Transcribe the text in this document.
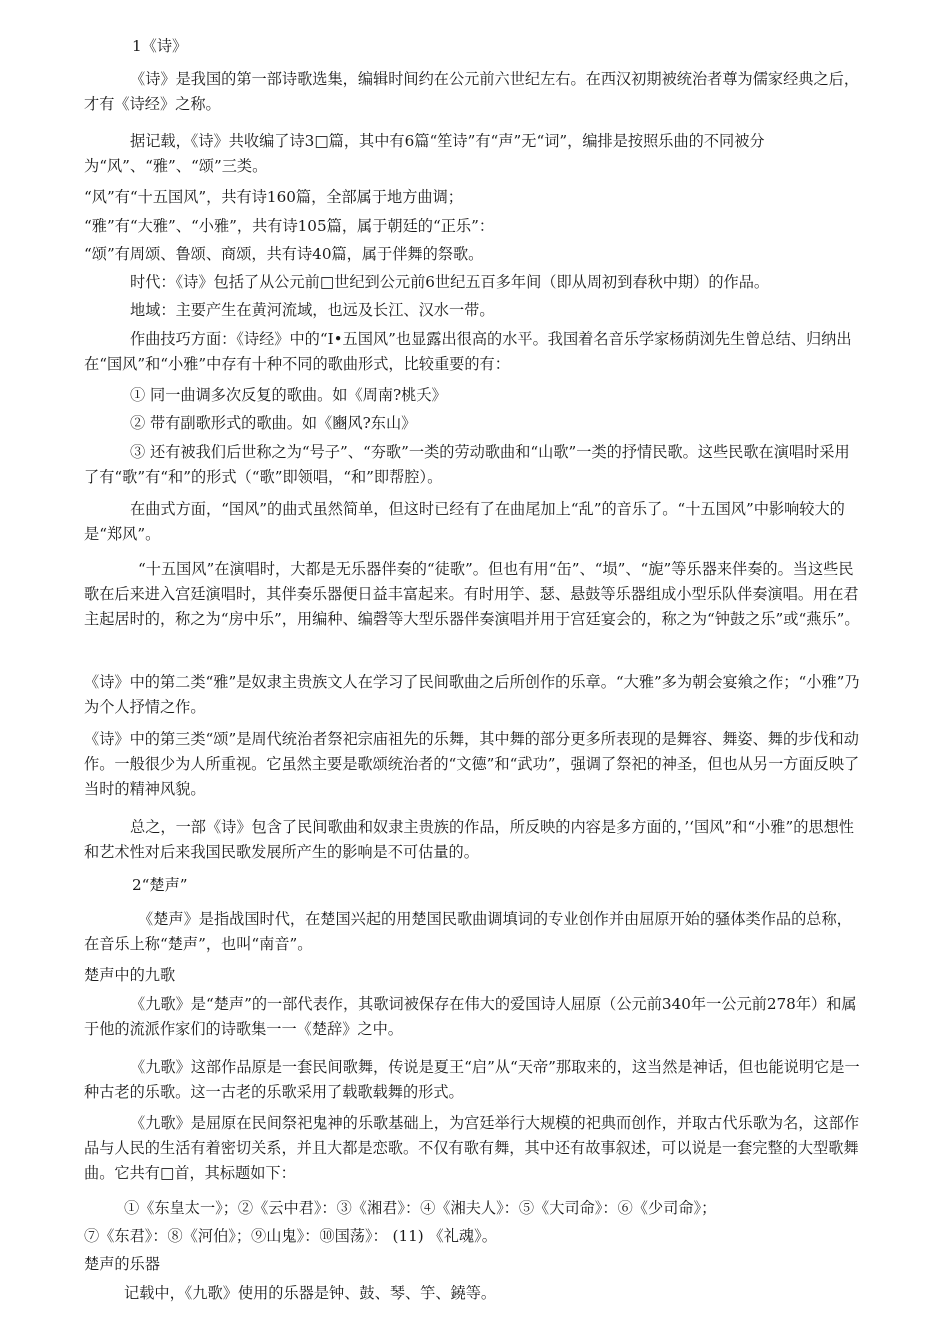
1《诗》
《诗》是我国的第一部诗歌选集，编辑时间约在公元前六世纪左右。在西汉初期被统治者尊为儒家经典之后，才有《诗经》之称。
据记载，《诗》共收编了诗3□篇，其中有6篇“笙诗”有“声”无“词”，编排是按照乐曲的不同被分为“风”、“雅”、“颂”三类。
“风”有“十五国风”，共有诗160篇，全部属于地方曲调；
“雅”有“大雅”、“小雅”，共有诗105篇，属于朝廷的“正乐”：
“颂”有周颂、鲁颂、商颂，共有诗40篇，属于伴舞的祭歌。
时代：《诗》包括了从公元前□世纪到公元前6世纪五百多年间（即从周初到春秋中期）的作品。
地域：主要产生在黄河流域，也远及长江、汉水一带。
作曲技巧方面：《诗经》中的“I•五国风”也显露出很高的水平。我国着名音乐学家杨荫浏先生曾总结、归纳出在“国风”和“小雅”中存有十种不同的歌曲形式，比较重要的有：
① 同一曲调多次反复的歌曲。如《周南?桃夭》
② 带有副歌形式的歌曲。如《豳风?东山》
③ 还有被我们后世称之为“号子”、“夯歌”一类的劳动歌曲和“山歌”一类的抒情民歌。这些民歌在演唱时采用了有“歌”有“和”的形式（“歌”即领唱，“和”即帮腔）。
在曲式方面，“国风”的曲式虽然简单，但这时已经有了在曲尾加上“乱”的音乐了。“十五国风”中影响较大的是“郑风”。
“十五国风”在演唱时，大都是无乐器伴奏的“徒歌”。但也有用“缶”、“埙”、“旎”等乐器来伴奏的。当这些民歌在后来进入宫廷演唱时，其伴奏乐器便日益丰富起来。有时用竽、瑟、悬鼓等乐器组成小型乐队伴奏演唱。用在君主起居时的，称之为“房中乐”，用编种、编磬等大型乐器伴奏演唱并用于宫廷宴会的，称之为“钟鼓之乐”或“燕乐”。
《诗》中的第二类“雅”是奴隶主贵族文人在学习了民间歌曲之后所创作的乐章。“大雅”多为朝会宴飨之作；“小雅”乃为个人抒情之作。
《诗》中的第三类“颂”是周代统治者祭祀宗庙祖先的乐舞，其中舞的部分更多所表现的是舞容、舞姿、舞的步伐和动作。一般很少为人所重视。它虽然主要是歌颂统治者的“文德”和“武功”，强调了祭祀的神圣，但也从另一方面反映了当时的精神风貌。
总之，一部《诗》包含了民间歌曲和奴隶主贵族的作品，所反映的内容是多方面的，’‘国风”和“小雅”的思想性和艺术性对后来我国民歌发展所产生的影响是不可估量的。
2“楚声”
《楚声》是指战国时代，在楚国兴起的用楚国民歌曲调填词的专业创作并由屈原开始的骚体类作品的总称，在音乐上称“楚声”，也叫“南音”。
楚声中的九歌
《九歌》是“楚声”的一部代表作，其歌词被保存在伟大的爱国诗人屈原（公元前340年一公元前278年）和属于他的流派作家们的诗歌集一一《楚辞》之中。
《九歌》这部作品原是一套民间歌舞，传说是夏王“启”从“天帝”那取来的，这当然是神话，但也能说明它是一种古老的乐歌。这一古老的乐歌采用了载歌载舞的形式。
《九歌》是屈原在民间祭祀鬼神的乐歌基础上，为宫廷举行大规模的祀典而创作，并取古代乐歌为名，这部作品与人民的生活有着密切关系，并且大都是恋歌。不仅有歌有舞，其中还有故事叙述，可以说是一套完整的大型歌舞曲。它共有□首，其标题如下：
①《东皇太一》；②《云中君》：③《湘君》：④《湘夫人》：⑤《大司命》：⑥《少司命》；
⑦《东君》：⑧《河伯》；⑨山鬼》：⑩国荡》： (11) 《礼魂》。
楚声的乐器
记载中，《九歌》使用的乐器是钟、鼓、琴、竽、鐃等。
